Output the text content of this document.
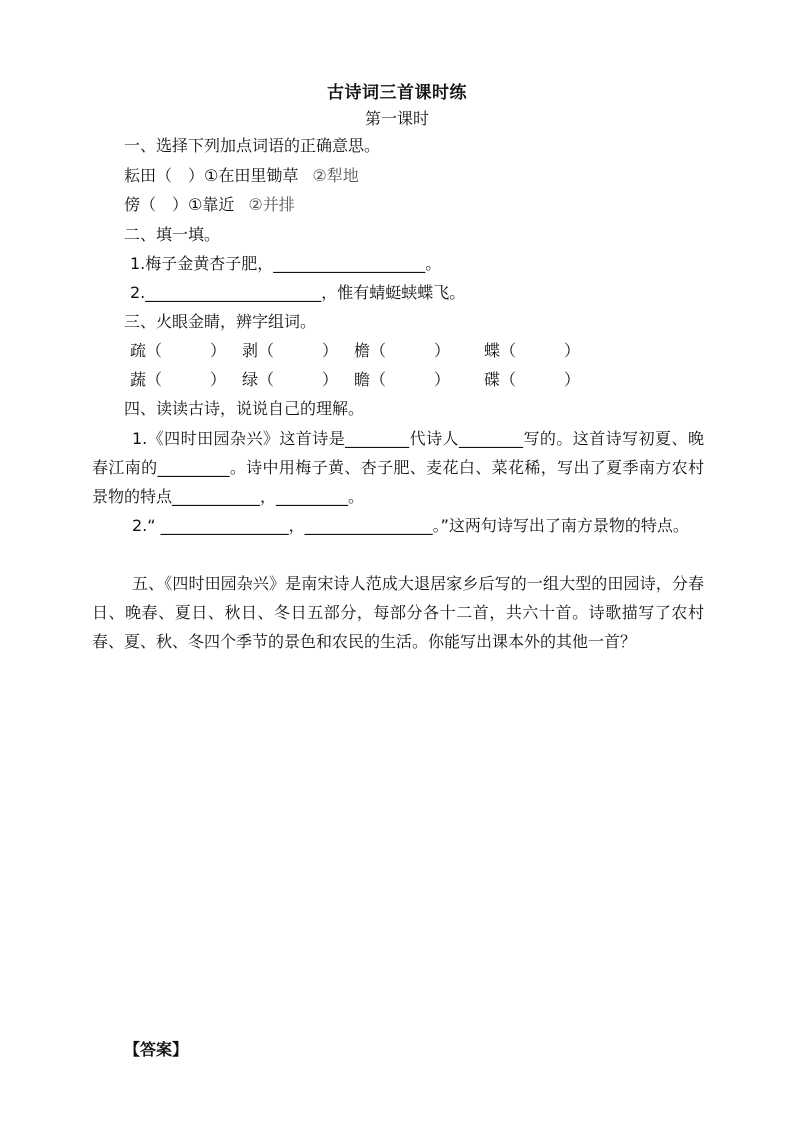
古诗词三首课时练
第一课时
一、选择下列加点词语的正确意思。
耘田（　）①在田里锄草 ②犁地
傍（　）①靠近 ②并排
二、填一填。
1.梅子金黄杏子肥，___________________。
2.______________________，惟有蜻蜓蛱蝶飞。
三、火眼金睛，辨字组词。
疏（　　　） 剥（　　　） 檐（　　　） 蝶（　　　）
蔬（　　　） 绿（　　　） 瞻（　　　） 碟（　　　）
四、读读古诗，说说自己的理解。
1.《四时田园杂兴》这首诗是________代诗人________写的。这首诗写初夏、晚春江南的_________。诗中用梅子黄、杏子肥、麦花白、菜花稀，写出了夏季南方农村景物的特点___________，_________。
2.“ ________________，________________。”这两句诗写出了南方景物的特点。
五、《四时田园杂兴》是南宋诗人范成大退居家乡后写的一组大型的田园诗，分春日、晚春、夏日、秋日、冬日五部分，每部分各十二首，共六十首。诗歌描写了农村春、夏、秋、冬四个季节的景色和农民的生活。你能写出课本外的其他一首？
【答案】
